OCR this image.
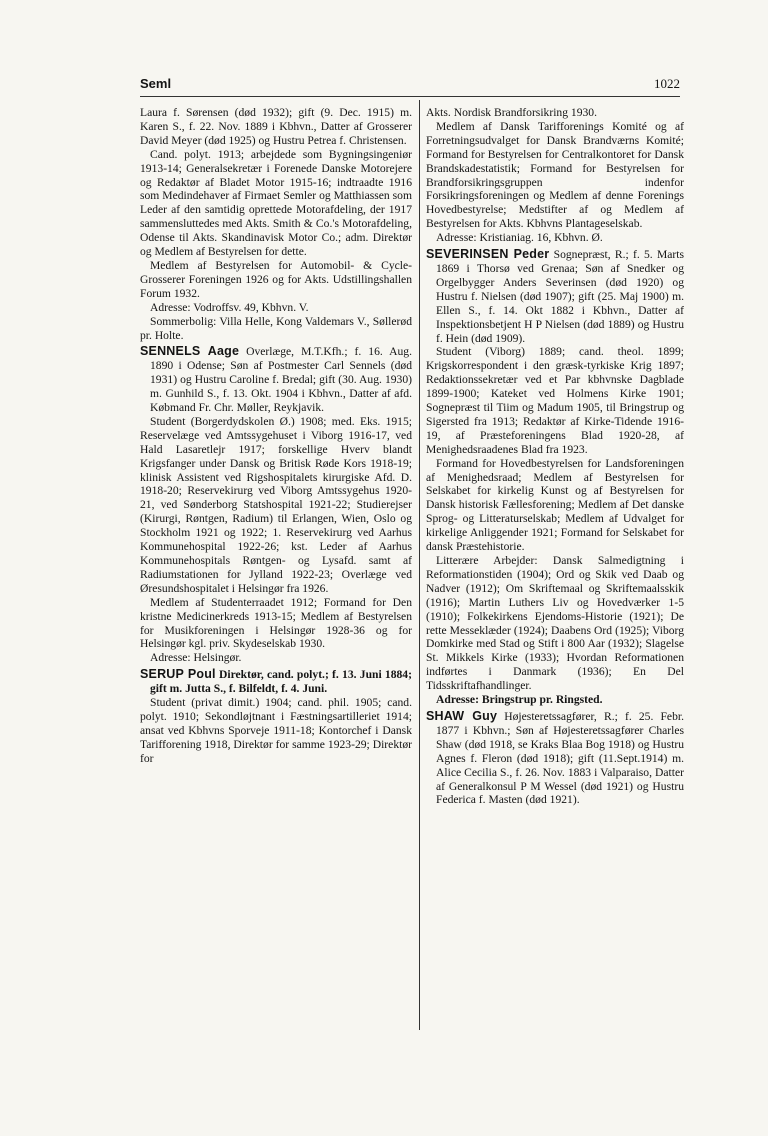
Seml	1022

Laura f. Sørensen (død 1932); gift (9. Dec. 1915) m. Karen S., f. 22. Nov. 1889 i Kbhvn., Datter af Grosserer David Meyer (død 1925) og Hustru Petrea f. Christensen.

Cand. polyt. 1913; arbejdede som Bygningsingeniør 1913-14; Generalsekretær i Forenede Danske Motorejere og Redaktør af Bladet Motor 1915-16; indtraadte 1916 som Medindehaver af Firmaet Semler og Matthiassen som Leder af den samtidig oprettede Motorafdeling, der 1917 sammensluttedes med Akts. Smith & Co.'s Motorafdeling, Odense til Akts. Skandinavisk Motor Co.; adm. Direktør og Medlem af Bestyrelsen for dette.

Medlem af Bestyrelsen for Automobil- & Cycle-Grosserer Foreningen 1926 og for Akts. Udstillingshallen Forum 1932.

Adresse: Vodroffsv. 49, Kbhvn. V.

Sommerbolig: Villa Helle, Kong Valdemars V., Søllerød pr. Holte.

SENNELS Aage Overlæge, M.T.Kfh.; f. 16. Aug. 1890 i Odense; Søn af Postmester Carl Sennels (død 1931) og Hustru Caroline f. Bredal; gift (30. Aug. 1930) m. Gunhild S., f. 13. Okt. 1904 i Kbhvn., Datter af afd. Købmand Fr. Chr. Møller, Reykjavik.

Student (Borgerdydskolen Ø.) 1908; med. Eks. 1915; Reservelæge ved Amtssygehuset i Viborg 1916-17, ved Hald Lasaretlejr 1917; forskellige Hverv blandt Krigsfanger under Dansk og Britisk Røde Kors 1918-19; klinisk Assistent ved Rigshospitalets kirurgiske Afd. D. 1918-20; Reservekirurg ved Viborg Amtssygehus 1920-21, ved Sønderborg Statshospital 1921-22; Studierejser (Kirurgi, Røntgen, Radium) til Erlangen, Wien, Oslo og Stockholm 1921 og 1922; 1. Reservekirurg ved Aarhus Kommunehospital 1922-26; kst. Leder af Aarhus Kommunehospitals Røntgen- og Lysafd. samt af Radiumstationen for Jylland 1922-23; Overlæge ved Øresundshospitalet i Helsingør fra 1926.

Medlem af Studenterraadet 1912; Formand for Den kristne Medicinerkreds 1913-15; Medlem af Bestyrelsen for Musikforeningen i Helsingør 1928-36 og for Helsingør kgl. priv. Skydeselskab 1930.

Adresse: Helsingør.

SERUP Poul Direktør, cand. polyt.; f. 13. Juni 1884; gift m. Jutta S., f. Bilfeldt, f. 4. Juni.

Student (privat dimit.) 1904; cand. phil. 1905; cand. polyt. 1910; Sekondløjtnant i Fæstningsartilleriet 1914; ansat ved Kbhvns Sporveje 1911-18; Kontorchef i Dansk Tarifforening 1918, Direktør for samme 1923-29; Direktør for

Akts. Nordisk Brandforsikring 1930.

Medlem af Dansk Tarifforenings Komité og af Forretningsudvalget for Dansk Brandværns Komité; Formand for Bestyrelsen for Centralkontoret for Dansk Brandskadestatistik; Formand for Bestyrelsen for Brandforsikringsgruppen indenfor Forsikringsforeningen og Medlem af denne Forenings Hovedbestyrelse; Medstifter af og Medlem af Bestyrelsen for Akts. Kbhvns Plantageselskab.

Adresse: Kristianiag. 16, Kbhvn. Ø.

SEVERINSEN Peder Sognepræst, R.; f. 5. Marts 1869 i Thorsø ved Grenaa; Søn af Snedker og Orgelbygger Anders Severinsen (død 1920) og Hustru f. Nielsen (død 1907); gift (25. Maj 1900) m. Ellen S., f. 14. Okt 1882 i Kbhvn., Datter af Inspektionsbetjent H P Nielsen (død 1889) og Hustru f. Hein (død 1909).

Student (Viborg) 1889; cand. theol. 1899; Krigskorrespondent i den græsk-tyrkiske Krig 1897; Redaktionssekretær ved et Par kbhvnske Dagblade 1899-1900; Kateket ved Holmens Kirke 1901; Sognepræst til Tiim og Madum 1905, til Bringstrup og Sigersted fra 1913; Redaktør af Kirke-Tidende 1916-19, af Præsteforeningens Blad 1920-28, af Menighedsraadenes Blad fra 1923.

Formand for Hovedbestyrelsen for Landsforeningen af Menighedsraad; Medlem af Bestyrelsen for Selskabet for kirkelig Kunst og af Bestyrelsen for Dansk historisk Fællesforening; Medlem af Det danske Sprog- og Litteraturselskab; Medlem af Udvalget for kirkelige Anliggender 1921; Formand for Selskabet for dansk Præstehistorie.

Litterære Arbejder: Dansk Salmedigtning i Reformationstiden (1904); Ord og Skik ved Daab og Nadver (1912); Om Skriftemaal og Skriftemaalsskik (1916); Martin Luthers Liv og Hovedværker 1-5 (1910); Folkekirkens Ejendoms-Historie (1921); De rette Messeklæder (1924); Daabens Ord (1925); Viborg Domkirke med Stad og Stift i 800 Aar (1932); Slagelse St. Mikkels Kirke (1933); Hvordan Reformationen indførtes i Danmark (1936); En Del Tidsskriftafhandlinger.

Adresse: Bringstrup pr. Ringsted.

SHAW Guy Højesteretssagfører, R.; f. 25. Febr. 1877 i Kbhvn.; Søn af Højesteretssagfører Charles Shaw (død 1918, se Kraks Blaa Bog 1918) og Hustru Agnes f. Fleron (død 1918); gift (11.Sept.1914) m. Alice Cecilia S., f. 26. Nov. 1883 i Valparaiso, Datter af Generalkonsul P M Wessel (død 1921) og Hustru Federica f. Masten (død 1921).
